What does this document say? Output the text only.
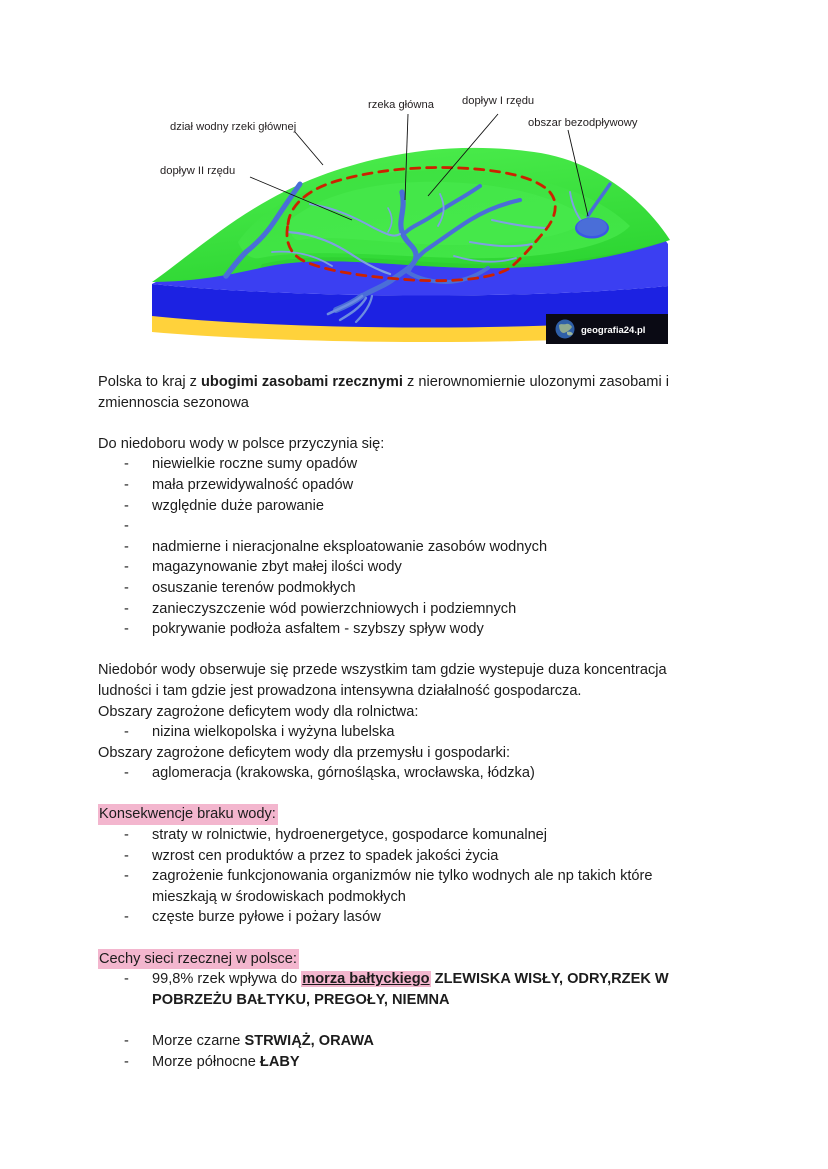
dział wodny rzeki głównej
rzeka główna	dopływ I rzędu
obszar bezodpływowy
dopływ II rzędu
geografia24.pl
Polska to kraj z ubogimi zasobami rzecznymi z nierownomiernie ulozonymi zasobami i zmiennoscia sezonowa
Do niedoboru wody w polsce przyczynia się:
- niewielkie roczne sumy opadów
- mała przewidywalność opadów
- względnie duże parowanie
-
- nadmierne i nieracjonalne eksploatowanie zasobów wodnych
- magazynowanie zbyt małej ilości wody
- osuszanie terenów podmokłych
- zanieczyszczenie wód powierzchniowych i podziemnych
- pokrywanie podłoża asfaltem - szybszy spływ wody
Niedobór wody obserwuje się przede wszystkim tam gdzie wystepuje duza koncentracja ludności i tam gdzie jest prowadzona intensywna działalność gospodarcza.
Obszary zagrożone deficytem wody dla rolnictwa:
- nizina wielkopolska i wyżyna lubelska
Obszary zagrożone deficytem wody dla przemysłu i gospodarki:
- aglomeracja (krakowska, górnośląska, wrocławska, łódzka)
Konsekwencje braku wody:
- straty w rolnictwie, hydroenergetyce, gospodarce komunalnej
- wzrost cen produktów a przez to spadek jakości życia
- zagrożenie funkcjonowania organizmów nie tylko wodnych ale np takich które mieszkają w środowiskach podmokłych
- częste burze pyłowe i pożary lasów
Cechy sieci rzecznej w polsce:
- 99,8% rzek wpływa do morza bałtyckiego ZLEWISKA WISŁY, ODRY,RZEK W POBRZEŻU BAŁTYKU, PREGOŁY, NIEMNA

- Morze czarne STRWIĄŻ, ORAWA
- Morze północne ŁABY
